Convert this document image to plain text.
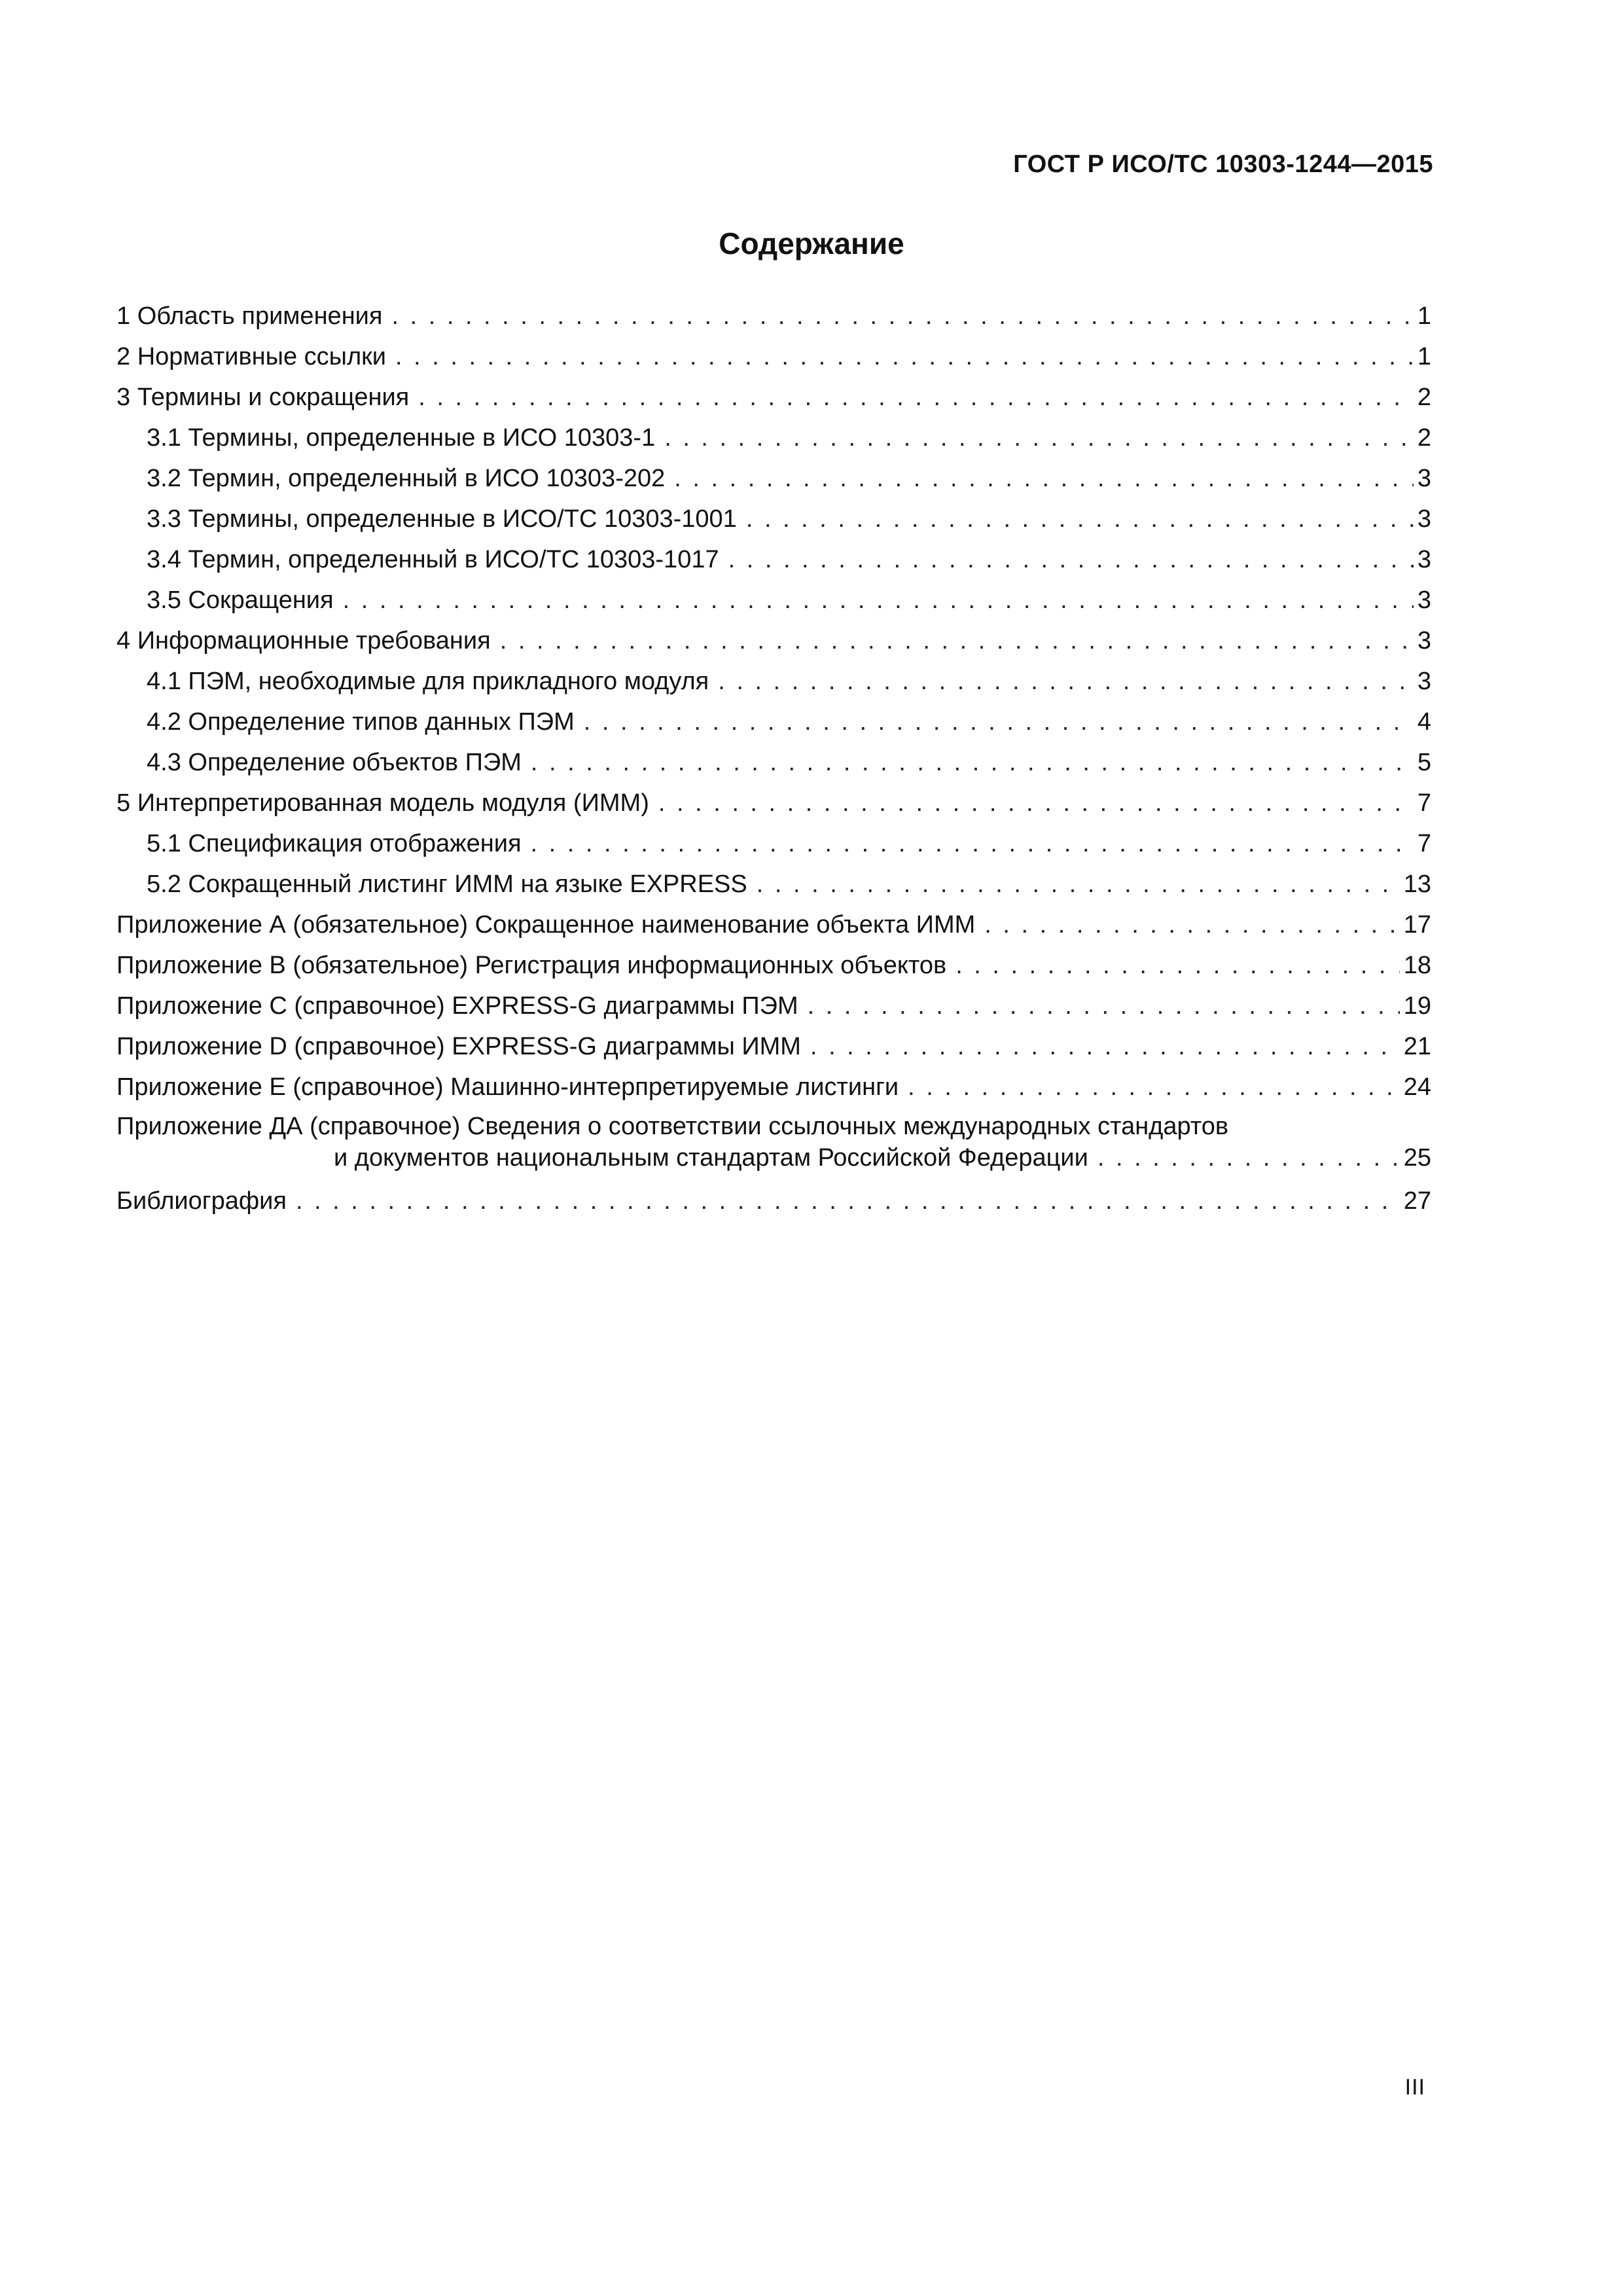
ГОСТ Р ИСО/ТС 10303-1244—2015
Содержание
1 Область применения . . .	1
2 Нормативные ссылки . . .	1
3 Термины и сокращения . . .	2
3.1 Термины, определенные в ИСО 10303-1 . . .	2
3.2 Термин, определенный в ИСО 10303-202 . . .	3
3.3 Термины, определенные в ИСО/ТС 10303-1001 . . .	3
3.4 Термин, определенный в ИСО/ТС 10303-1017 . . .	3
3.5 Сокращения . . .	3
4 Информационные требования . . .	3
4.1 ПЭМ, необходимые для прикладного модуля . . .	3
4.2 Определение типов данных ПЭМ . . .	4
4.3 Определение объектов ПЭМ . . .	5
5 Интерпретированная модель модуля (ИММ) . . .	7
5.1 Спецификация отображения . . .	7
5.2 Сокращенный листинг ИММ на языке EXPRESS . . .	13
Приложение А (обязательное) Сокращенное наименование объекта ИММ . . .	17
Приложение В (обязательное) Регистрация информационных объектов . . .	18
Приложение С (справочное) EXPRESS-G диаграммы ПЭМ . . .	19
Приложение D (справочное) EXPRESS-G диаграммы ИММ . . .	21
Приложение Е (справочное) Машинно-интерпретируемые листинги . . .	24
Приложение ДА (справочное) Сведения о соответствии ссылочных международных стандартов
и документов национальным стандартам Российской Федерации . . .	25
Библиография . . .	27
III
